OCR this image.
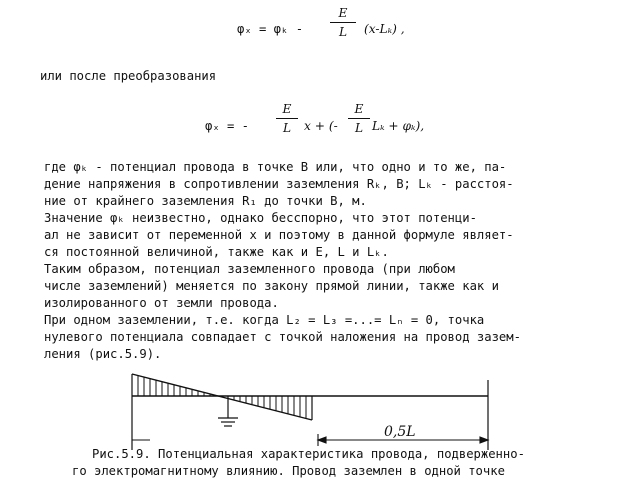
φₓ = φₖ -
E
L	(x-Lₖ) ,
или после преобразования
φₓ = -
E
L	x + (-
E
L Lₖ + φₖ),
где φₖ - потенциал провода в точке B или, что одно и то же, па-
дение напряжения в сопротивлении заземления Rₖ, В; Lₖ - расстоя-
ние от крайнего заземления R₁ до точки B, м.
Значение φₖ неизвестно, однако бесспорно, что этот потенци-
ал не зависит от переменной x и поэтому в данной формуле являет-
ся постоянной величиной, также как и E, L и Lₖ.
Таким образом, потенциал заземленного провода (при любом
числе заземлений) меняется по закону прямой линии, также как и
изолированного от земли провода.
При одном заземлении, т.е. когда L₂ = L₃ =...= Lₙ = 0, точка
нулевого потенциала совпадает с точкой наложения на провод зазем-
ления (рис.5.9).
0,5L
Рис.5.9. Потенциальная характеристика провода, подверженно-
го электромагнитному влиянию. Провод заземлен в одной точке
